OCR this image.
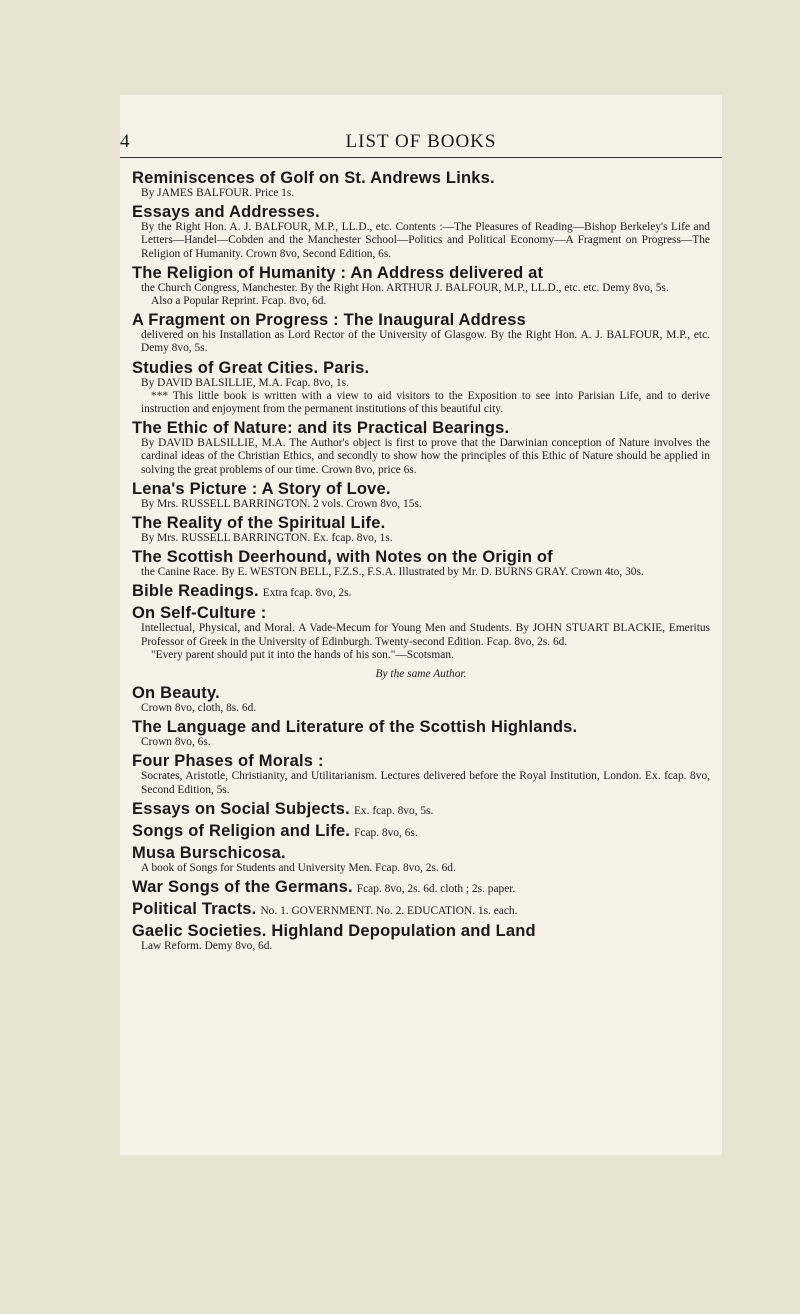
4	LIST OF BOOKS
Reminiscences of Golf on St. Andrews Links.
By JAMES BALFOUR. Price 1s.
Essays and Addresses.
By the Right Hon. A. J. BALFOUR, M.P., LL.D., etc. Contents :—The Pleasures of Reading—Bishop Berkeley's Life and Letters—Handel—Cobden and the Manchester School—Politics and Political Economy—A Fragment on Progress—The Religion of Humanity. Crown 8vo, Second Edition, 6s.
The Religion of Humanity : An Address delivered at
the Church Congress, Manchester. By the Right Hon. ARTHUR J. BALFOUR, M.P., LL.D., etc. etc. Demy 8vo, 5s.
Also a Popular Reprint. Fcap. 8vo, 6d.
A Fragment on Progress : The Inaugural Address
delivered on his Installation as Lord Rector of the University of Glasgow. By the Right Hon. A. J. BALFOUR, M.P., etc. Demy 8vo, 5s.
Studies of Great Cities. Paris.
By DAVID BALSILLIE, M.A. Fcap. 8vo, 1s.
*** This little book is written with a view to aid visitors to the Exposition to see into Parisian Life, and to derive instruction and enjoyment from the permanent institutions of this beautiful city.
The Ethic of Nature: and its Practical Bearings.
By DAVID BALSILLIE, M.A. The Author's object is first to prove that the Darwinian conception of Nature involves the cardinal ideas of the Christian Ethics, and secondly to show how the principles of this Ethic of Nature should be applied in solving the great problems of our time. Crown 8vo, price 6s.
Lena's Picture : A Story of Love.
By Mrs. RUSSELL BARRINGTON. 2 vols. Crown 8vo, 15s.
The Reality of the Spiritual Life.
By Mrs. RUSSELL BARRINGTON. Ex. fcap. 8vo, 1s.
The Scottish Deerhound, with Notes on the Origin of
the Canine Race. By E. WESTON BELL, F.Z.S., F.S.A. Illustrated by Mr. D. BURNS GRAY. Crown 4to, 30s.
Bible Readings. Extra fcap. 8vo, 2s.
On Self-Culture :
Intellectual, Physical, and Moral. A Vade-Mecum for Young Men and Students. By JOHN STUART BLACKIE, Emeritus Professor of Greek in the University of Edinburgh. Twenty-second Edition. Fcap. 8vo, 2s. 6d.
"Every parent should put it into the hands of his son."—Scotsman.
By the same Author.
On Beauty.
Crown 8vo, cloth, 8s. 6d.
The Language and Literature of the Scottish Highlands.
Crown 8vo, 6s.
Four Phases of Morals :
Socrates, Aristotle, Christianity, and Utilitarianism. Lectures delivered before the Royal Institution, London. Ex. fcap. 8vo, Second Edition, 5s.
Essays on Social Subjects. Ex. fcap. 8vo, 5s.
Songs of Religion and Life. Fcap. 8vo, 6s.
Musa Burschicosa.
A book of Songs for Students and University Men. Fcap. 8vo, 2s. 6d.
War Songs of the Germans. Fcap. 8vo, 2s. 6d. cloth ; 2s. paper.
Political Tracts. No. 1. GOVERNMENT. No. 2. EDUCATION. 1s. each.
Gaelic Societies. Highland Depopulation and Land
Law Reform. Demy 8vo, 6d.
